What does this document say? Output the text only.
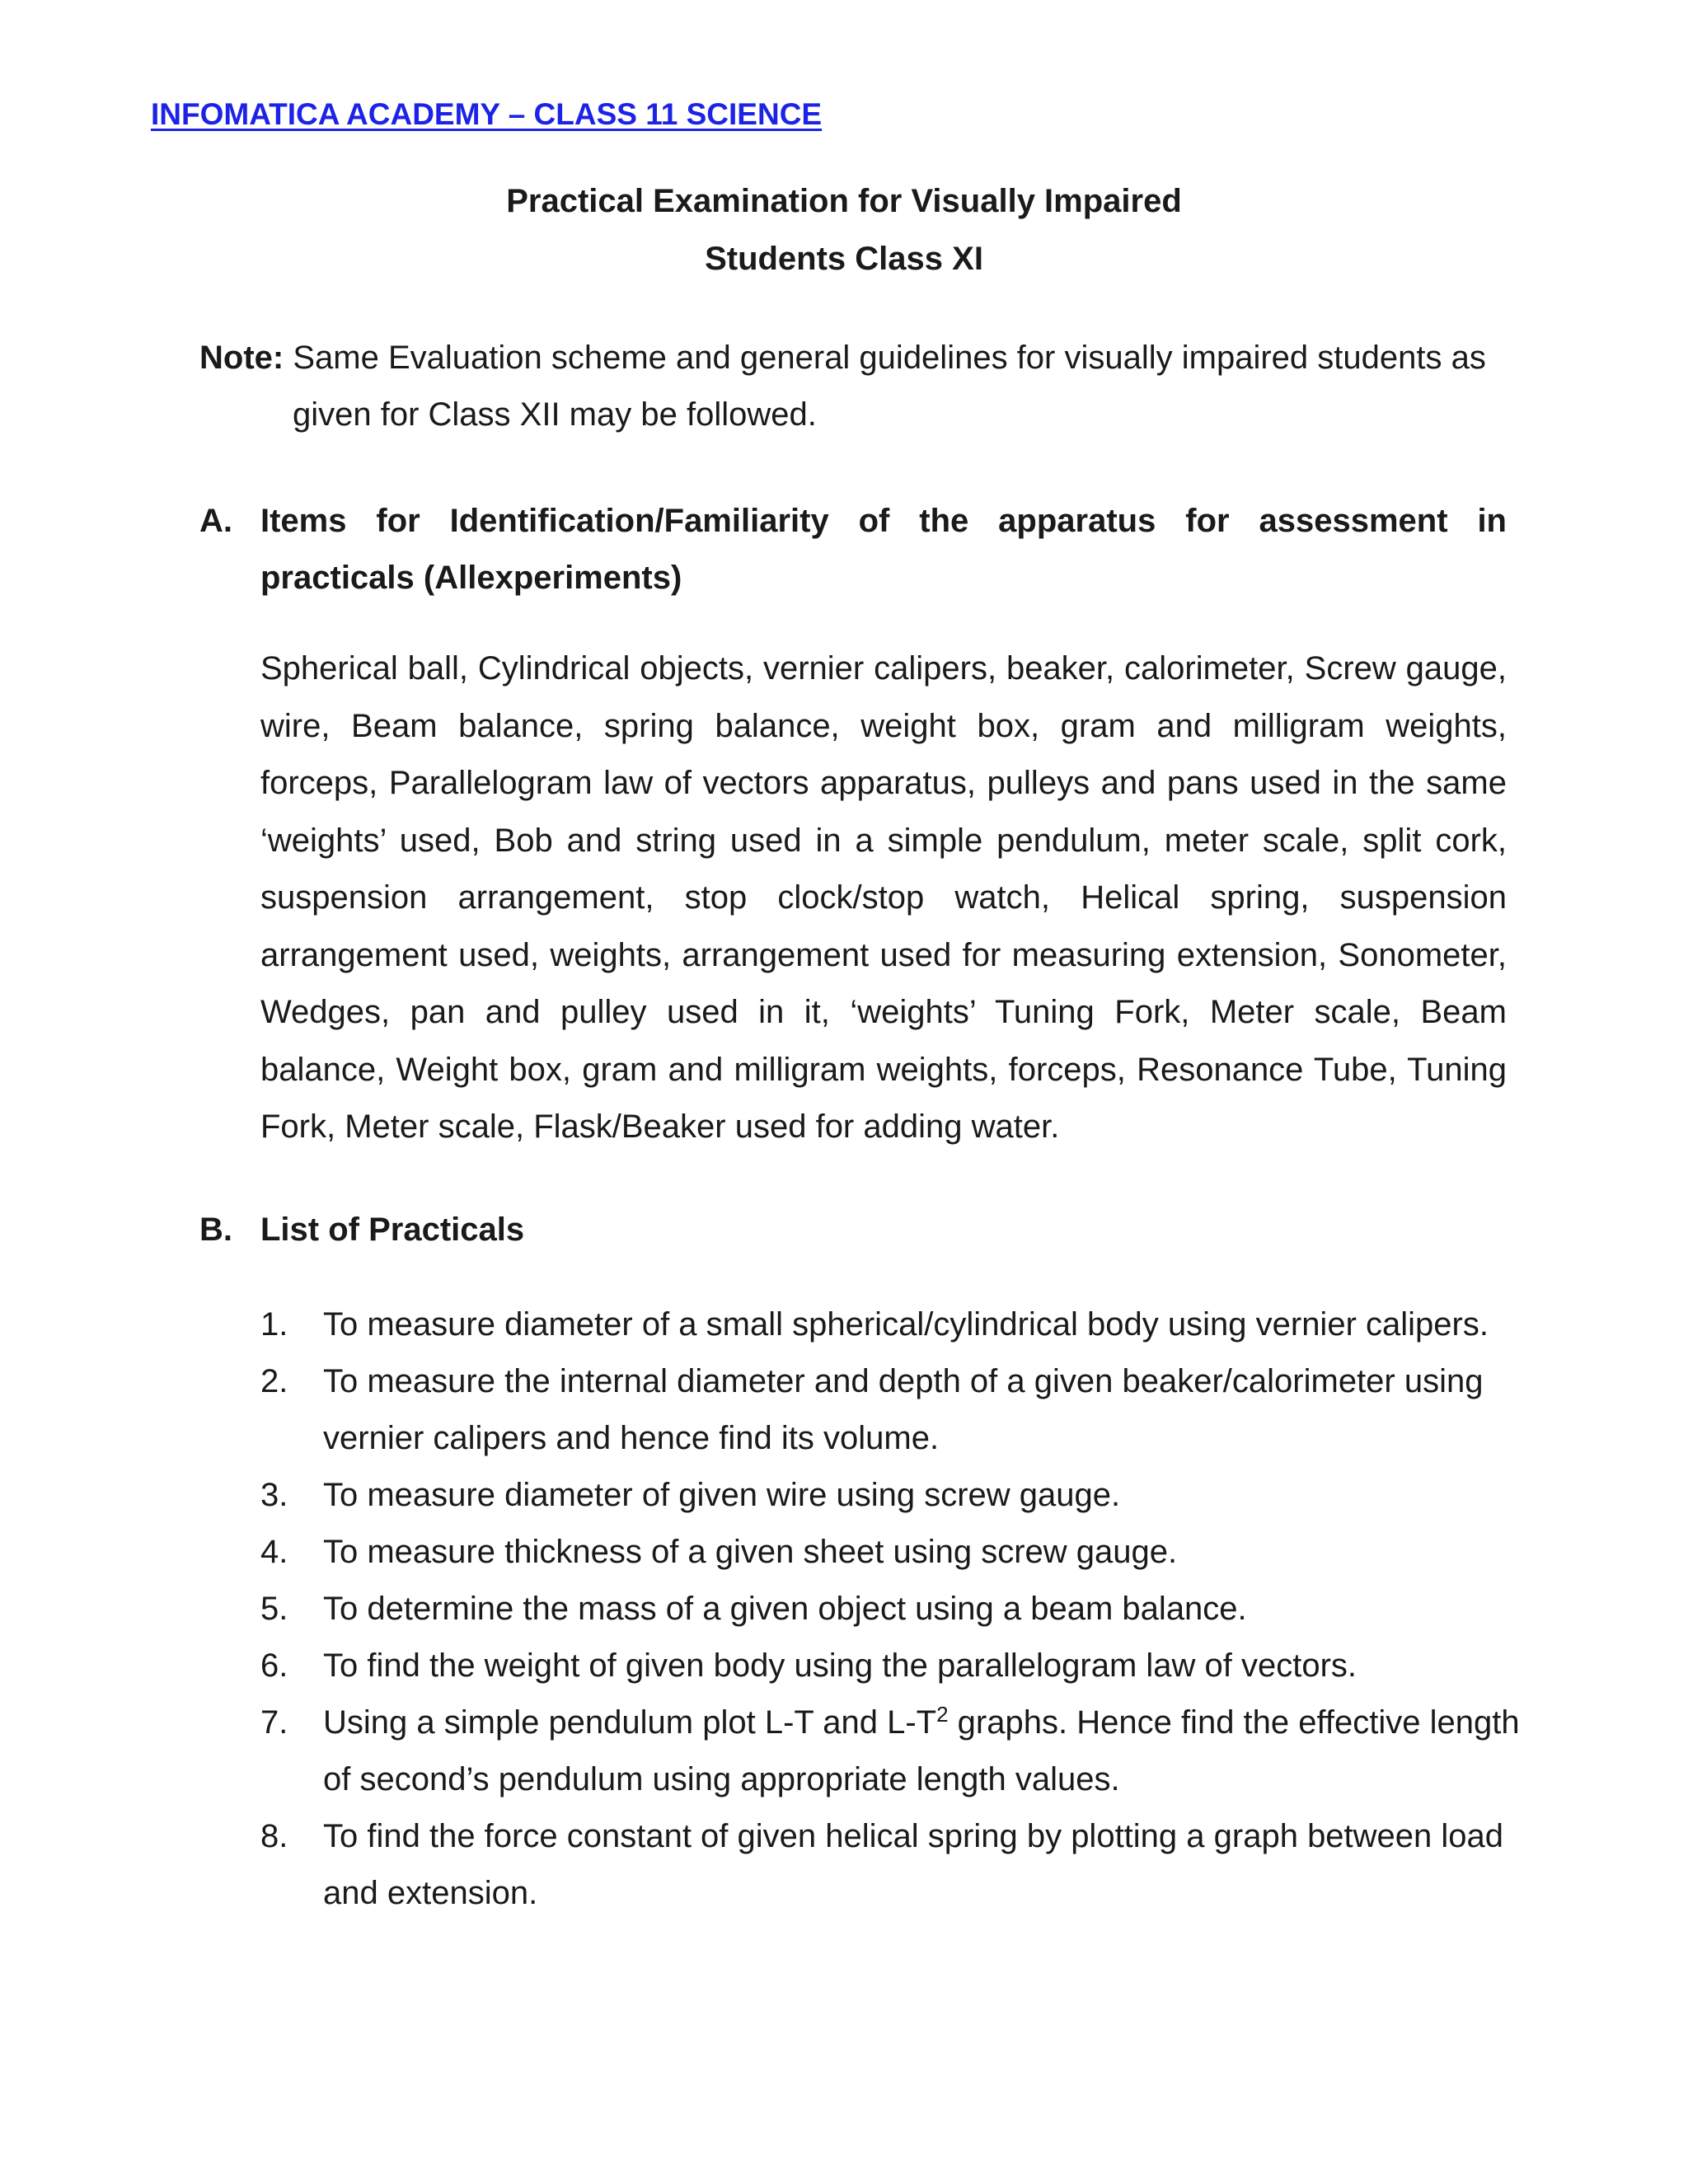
INFOMATICA ACADEMY – CLASS 11 SCIENCE
Practical Examination for Visually Impaired
Students Class XI
Note: Same Evaluation scheme and general guidelines for visually impaired students as
given for Class XII may be followed.
A. Items for Identification/Familiarity of the apparatus for assessment in
practicals (Allexperiments)
Spherical ball, Cylindrical objects, vernier calipers, beaker, calorimeter, Screw gauge, wire, Beam balance, spring balance, weight box, gram and milligram weights, forceps, Parallelogram law of vectors apparatus, pulleys and pans used in the same ‘weights’ used, Bob and string used in a simple pendulum, meter scale, split cork, suspension arrangement, stop clock/stop watch, Helical spring, suspension arrangement used, weights, arrangement used for measuring extension, Sonometer, Wedges, pan and pulley used in it, ‘weights’ Tuning Fork, Meter scale, Beam balance, Weight box, gram and milligram weights, forceps, Resonance Tube, Tuning Fork, Meter scale, Flask/Beaker used for adding water.
B. List of Practicals
1. To measure diameter of a small spherical/cylindrical body using vernier calipers.
2. To measure the internal diameter and depth of a given beaker/calorimeter using vernier calipers and hence find its volume.
3. To measure diameter of given wire using screw gauge.
4. To measure thickness of a given sheet using screw gauge.
5. To determine the mass of a given object using a beam balance.
6. To find the weight of given body using the parallelogram law of vectors.
7. Using a simple pendulum plot L-T and $L-T^2$ graphs. Hence find the effective length of second’s pendulum using appropriate length values.
8. To find the force constant of given helical spring by plotting a graph between load and extension.
